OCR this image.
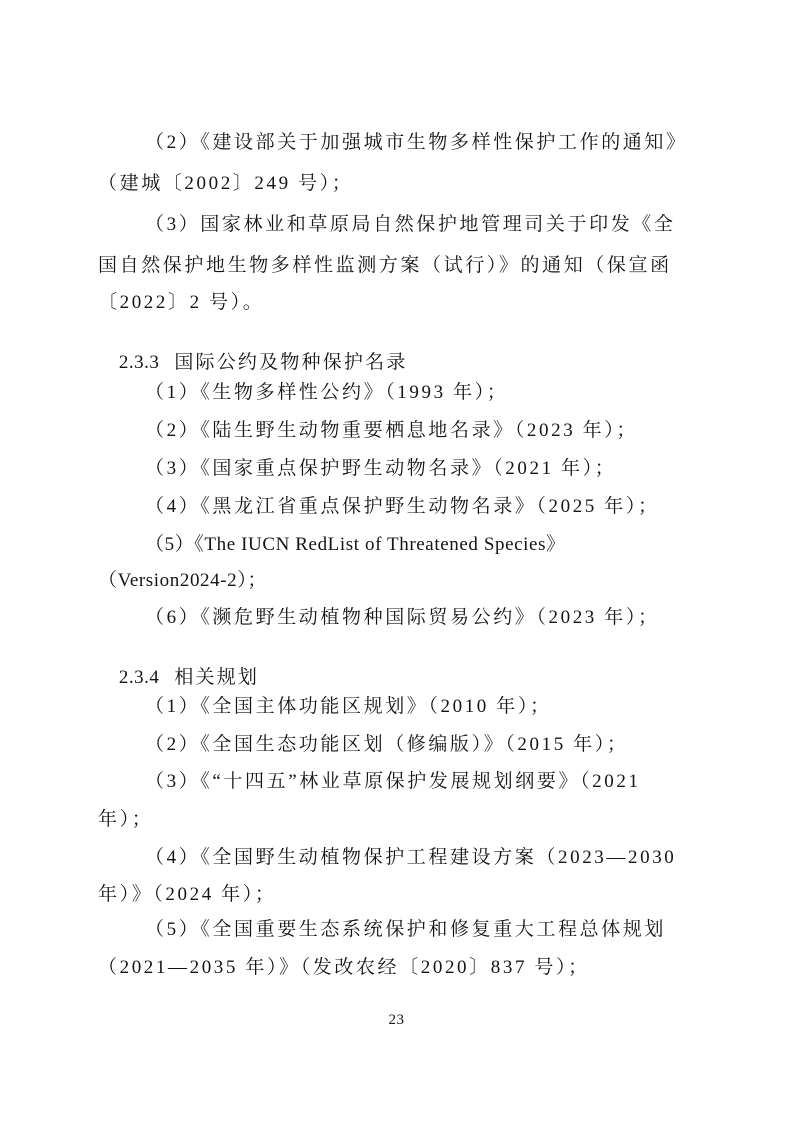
（2）《建设部关于加强城市生物多样性保护工作的通知》
（建城〔2002〕249 号）；
（3）国家林业和草原局自然保护地管理司关于印发《全
国自然保护地生物多样性监测方案（试行）》的通知（保宣函
〔2022〕2 号）。

2.3.3 国际公约及物种保护名录

（1）《生物多样性公约》（1993 年）；
（2）《陆生野生动物重要栖息地名录》（2023 年）；
（3）《国家重点保护野生动物名录》（2021 年）；
（4）《黑龙江省重点保护野生动物名录》（2025 年）；
（5）《The IUCN RedList of Threatened Species》
（Version2024-2）；
（6）《濒危野生动植物种国际贸易公约》（2023 年）；

2.3.4 相关规划

（1）《全国主体功能区规划》（2010 年）；
（2）《全国生态功能区划（修编版）》（2015 年）；
（3）《“十四五”林业草原保护发展规划纲要》（2021
年）；
（4）《全国野生动植物保护工程建设方案（2023—2030
年）》（2024 年）；
（5）《全国重要生态系统保护和修复重大工程总体规划
（2021—2035 年）》（发改农经〔2020〕837 号）；
23
